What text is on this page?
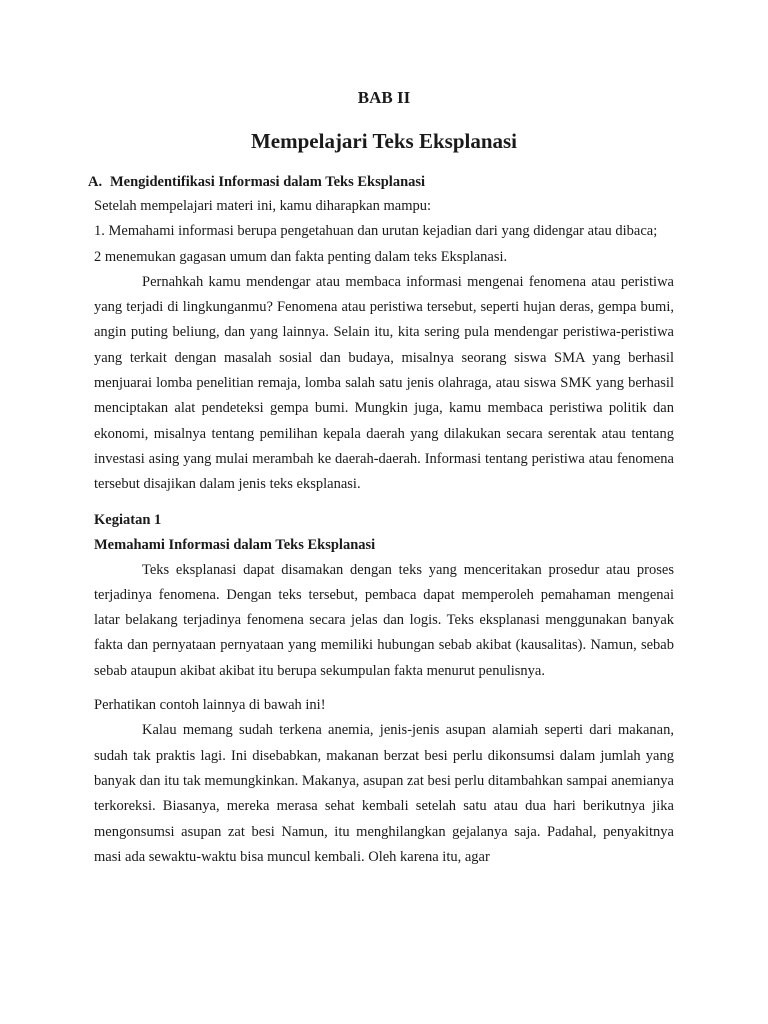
BAB II
Mempelajari Teks Eksplanasi
A. Mengidentifikasi Informasi dalam Teks Eksplanasi

Setelah mempelajari materi ini, kamu diharapkan mampu:

1. Memahami informasi berupa pengetahuan dan urutan kejadian dari yang didengar atau dibaca;

2 menemukan gagasan umum dan fakta penting dalam teks Eksplanasi.

Pernahkah kamu mendengar atau membaca informasi mengenai fenomena atau peristiwa yang terjadi di lingkunganmu? Fenomena atau peristiwa tersebut, seperti hujan deras, gempa bumi, angin puting beliung, dan yang lainnya. Selain itu, kita sering pula mendengar peristiwa-peristiwa yang terkait dengan masalah sosial dan budaya, misalnya seorang siswa SMA yang berhasil menjuarai lomba penelitian remaja, lomba salah satu jenis olahraga, atau siswa SMK yang berhasil menciptakan alat pendeteksi gempa bumi. Mungkin juga, kamu membaca peristiwa politik dan ekonomi, misalnya tentang pemilihan kepala daerah yang dilakukan secara serentak atau tentang investasi asing yang mulai merambah ke daerah-daerah. Informasi tentang peristiwa atau fenomena tersebut disajikan dalam jenis teks eksplanasi.

Kegiatan 1
Memahami Informasi dalam Teks Eksplanasi

Teks eksplanasi dapat disamakan dengan teks yang menceritakan prosedur atau proses terjadinya fenomena. Dengan teks tersebut, pembaca dapat memperoleh pemahaman mengenai latar belakang terjadinya fenomena secara jelas dan logis. Teks eksplanasi menggunakan banyak fakta dan pernyataan pernyataan yang memiliki hubungan sebab akibat (kausalitas). Namun, sebab sebab ataupun akibat akibat itu berupa sekumpulan fakta menurut penulisnya.

Perhatikan contoh lainnya di bawah ini!

Kalau memang sudah terkena anemia, jenis-jenis asupan alamiah seperti dari makanan, sudah tak praktis lagi. Ini disebabkan, makanan berzat besi perlu dikonsumsi dalam jumlah yang banyak dan itu tak memungkinkan. Makanya, asupan zat besi perlu ditambahkan sampai anemianya terkoreksi. Biasanya, mereka merasa sehat kembali setelah satu atau dua hari berikutnya jika mengonsumsi asupan zat besi Namun, itu menghilangkan gejalanya saja. Padahal, penyakitnya masi ada sewaktu-waktu bisa muncul kembali. Oleh karena itu, agar
